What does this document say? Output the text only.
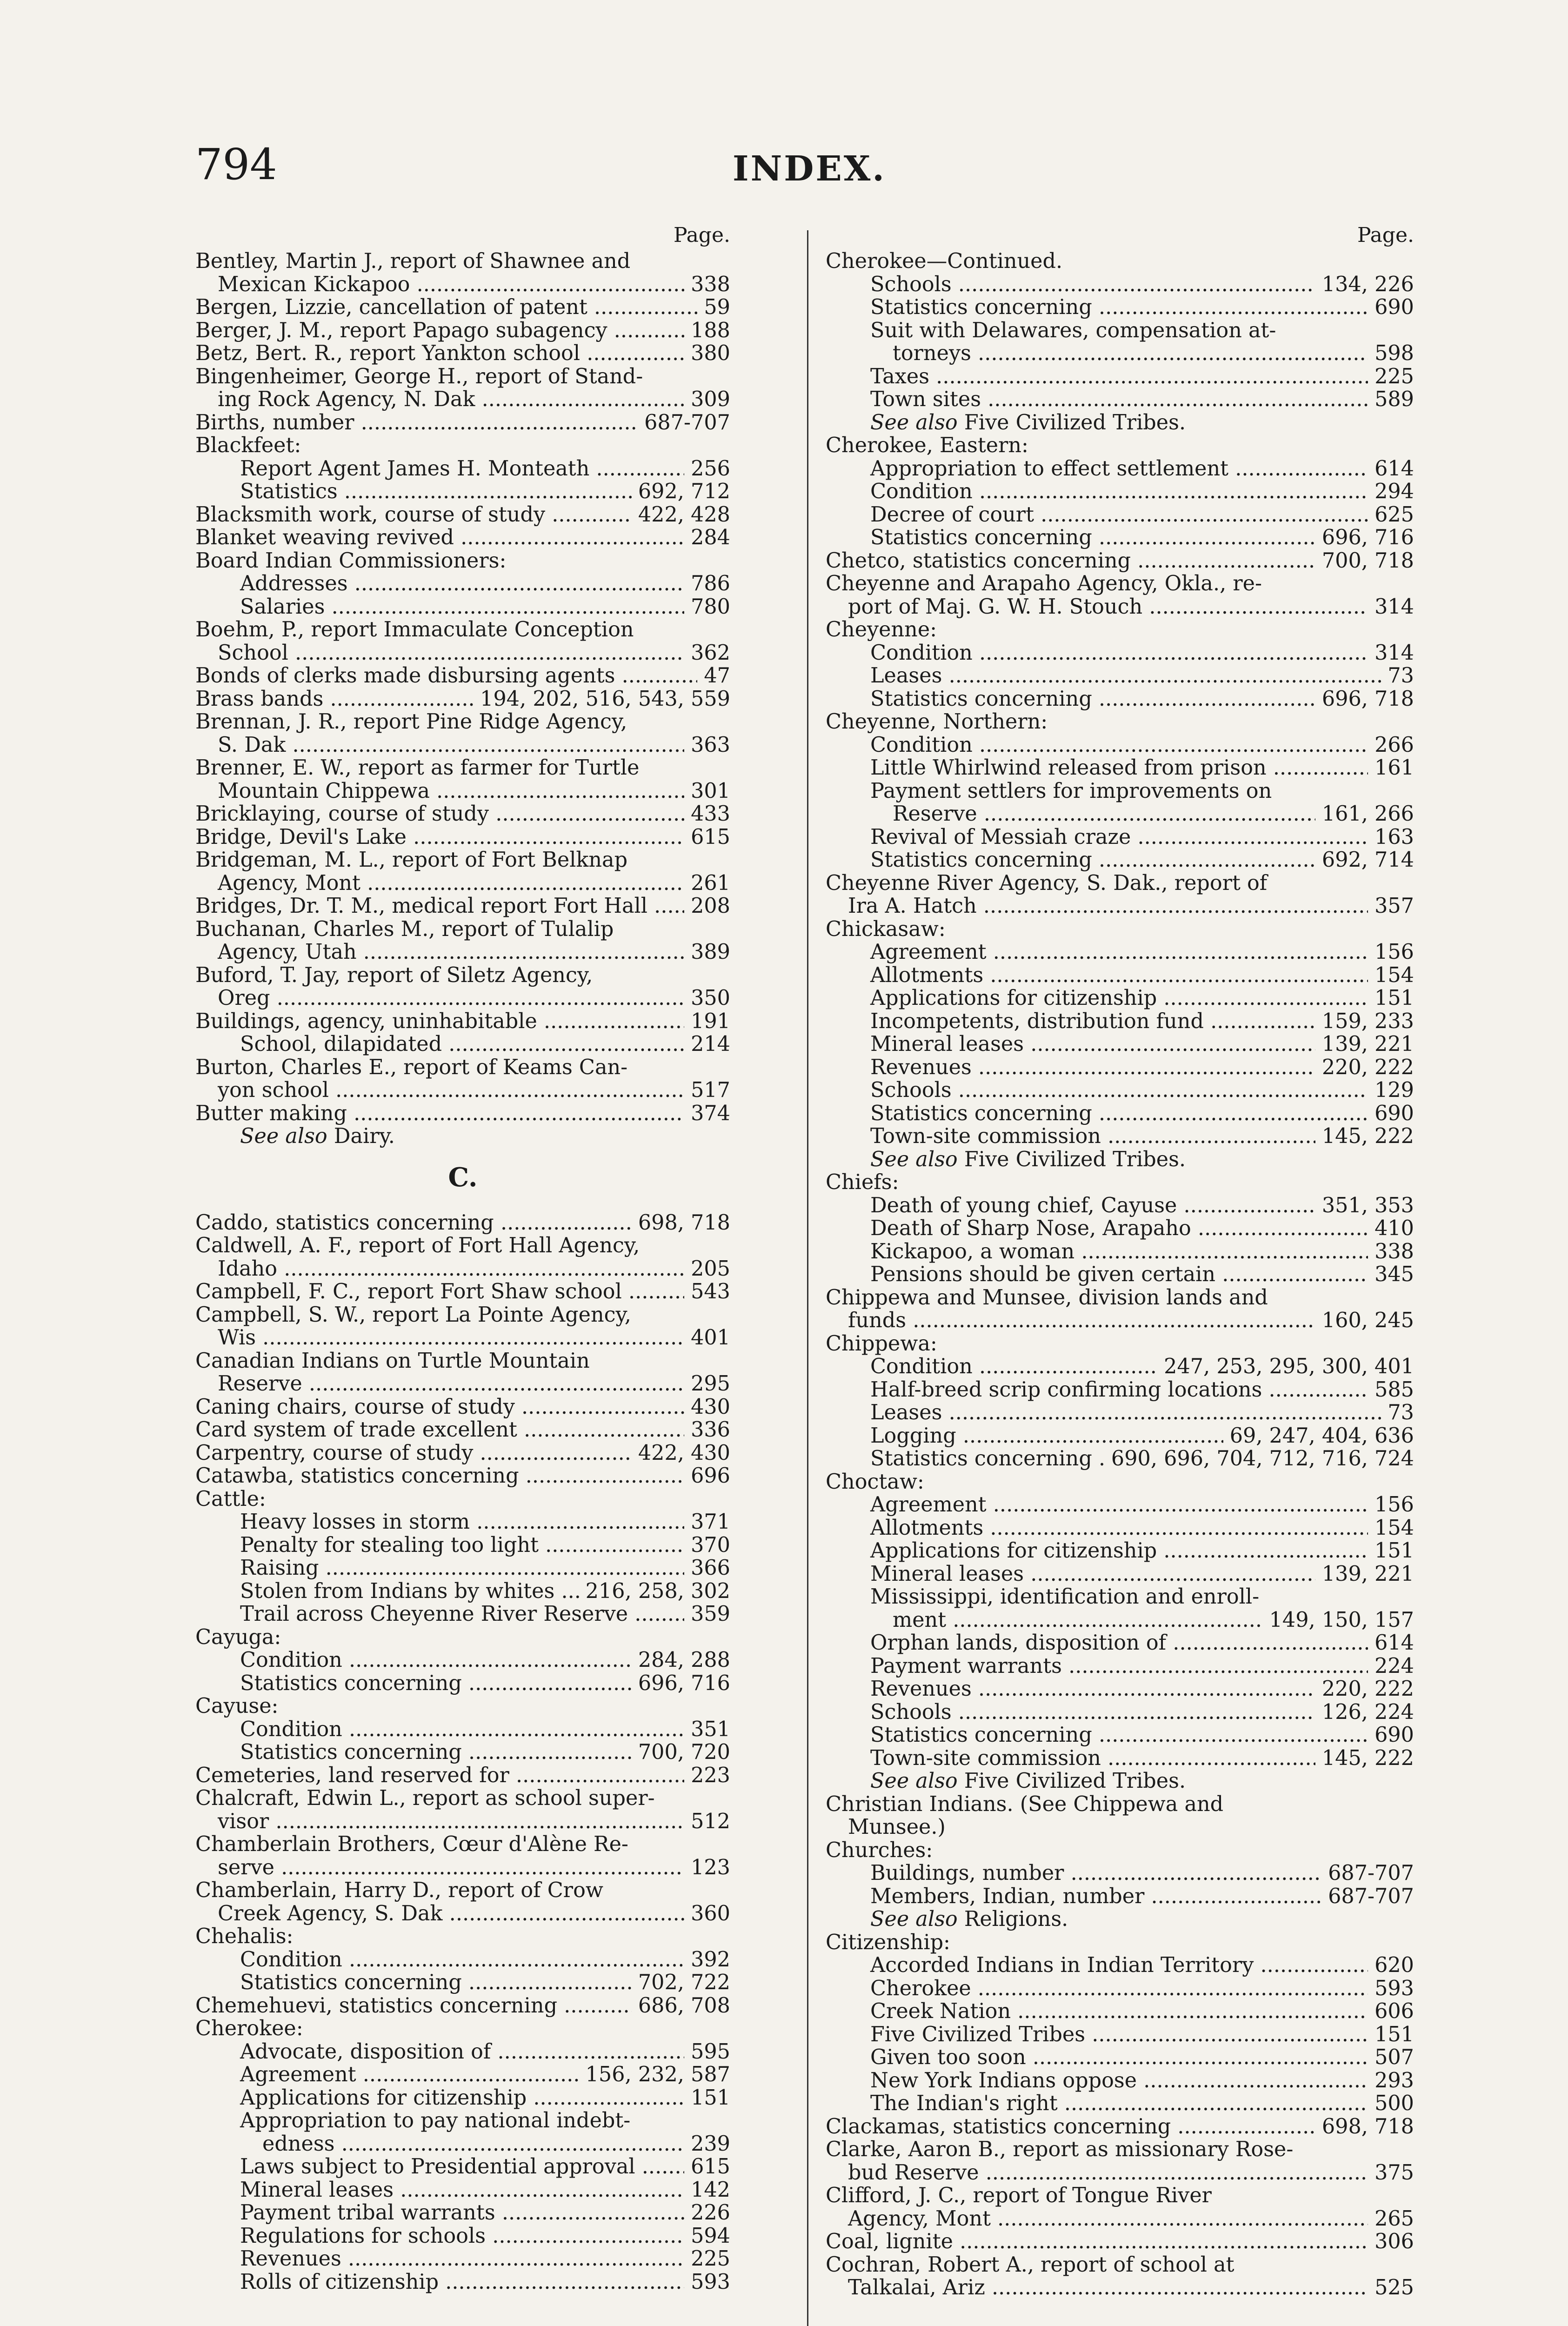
794	INDEX.
Page.
Bentley, Martin J., report of Shawnee and
Mexican Kickapoo .....	338
Bergen, Lizzie, cancellation of patent .....	59
Berger, J. M., report Papago subagency .....	188
Betz, Bert. R., report Yankton school .....	380
Bingenheimer, George H., report of Stand-
ing Rock Agency, N. Dak .....	309
Births, number .....	687-707
Blackfeet:
Report Agent James H. Monteath .....	256
Statistics .....	692, 712
Blacksmith work, course of study .....	422, 428
Blanket weaving revived .....	284
Board Indian Commissioners:
Addresses .....	786
Salaries .....	780
Boehm, P., report Immaculate Conception
School .....	362
Bonds of clerks made disbursing agents .....	47
Brass bands .....	194, 202, 516, 543, 559
Brennan, J. R., report Pine Ridge Agency,
S. Dak .....	363
Brenner, E. W., report as farmer for Turtle
Mountain Chippewa .....	301
Bricklaying, course of study .....	433
Bridge, Devil's Lake .....	615
Bridgeman, M. L., report of Fort Belknap
Agency, Mont .....	261
Bridges, Dr. T. M., medical report Fort Hall .....	208
Buchanan, Charles M., report of Tulalip
Agency, Utah .....	389
Buford, T. Jay, report of Siletz Agency,
Oreg .....	350
Buildings, agency, uninhabitable .....	191
School, dilapidated .....	214
Burton, Charles E., report of Keams Can-
yon school .....	517
Butter making .....	374
See also Dairy.
C.
Caddo, statistics concerning .....	698, 718
Caldwell, A. F., report of Fort Hall Agency,
Idaho .....	205
Campbell, F. C., report Fort Shaw school .....	543
Campbell, S. W., report La Pointe Agency,
Wis .....	401
Canadian Indians on Turtle Mountain
Reserve .....	295
Caning chairs, course of study .....	430
Card system of trade excellent .....	336
Carpentry, course of study .....	422, 430
Catawba, statistics concerning .....	696
Cattle:
Heavy losses in storm .....	371
Penalty for stealing too light .....	370
Raising .....	366
Stolen from Indians by whites .....	216, 258, 302
Trail across Cheyenne River Reserve .....	359
Cayuga:
Condition .....	284, 288
Statistics concerning .....	696, 716
Cayuse:
Condition .....	351
Statistics concerning .....	700, 720
Cemeteries, land reserved for .....	223
Chalcraft, Edwin L., report as school super-
visor .....	512
Chamberlain Brothers, Cœur d'Alène Re-
serve .....	123
Chamberlain, Harry D., report of Crow
Creek Agency, S. Dak .....	360
Chehalis:
Condition .....	392
Statistics concerning .....	702, 722
Chemehuevi, statistics concerning .....	686, 708
Cherokee:
Advocate, disposition of .....	595
Agreement .....	156, 232, 587
Applications for citizenship .....	151
Appropriation to pay national indebt-
edness .....	239
Laws subject to Presidential approval .....	615
Mineral leases .....	142
Payment tribal warrants .....	226
Regulations for schools .....	594
Revenues .....	225
Rolls of citizenship .....	593
Page.
Cherokee—Continued.
Schools .....	134, 226
Statistics concerning .....	690
Suit with Delawares, compensation at-
torneys .....	598
Taxes .....	225
Town sites .....	589
See also Five Civilized Tribes.
Cherokee, Eastern:
Appropriation to effect settlement .....	614
Condition .....	294
Decree of court .....	625
Statistics concerning .....	696, 716
Chetco, statistics concerning .....	700, 718
Cheyenne and Arapaho Agency, Okla., re-
port of Maj. G. W. H. Stouch .....	314
Cheyenne:
Condition .....	314
Leases .....	73
Statistics concerning .....	696, 718
Cheyenne, Northern:
Condition .....	266
Little Whirlwind released from prison .....	161
Payment settlers for improvements on
Reserve .....	161, 266
Revival of Messiah craze .....	163
Statistics concerning .....	692, 714
Cheyenne River Agency, S. Dak., report of
Ira A. Hatch .....	357
Chickasaw:
Agreement .....	156
Allotments .....	154
Applications for citizenship .....	151
Incompetents, distribution fund .....	159, 233
Mineral leases .....	139, 221
Revenues .....	220, 222
Schools .....	129
Statistics concerning .....	690
Town-site commission .....	145, 222
See also Five Civilized Tribes.
Chiefs:
Death of young chief, Cayuse .....	351, 353
Death of Sharp Nose, Arapaho .....	410
Kickapoo, a woman .....	338
Pensions should be given certain .....	345
Chippewa and Munsee, division lands and
funds .....	160, 245
Chippewa:
Condition .....	247, 253, 295, 300, 401
Half-breed scrip confirming locations .....	585
Leases .....	73
Logging .....	69, 247, 404, 636
Statistics concerning ..... 690, 696, 704, 712, 716, 724
Choctaw:
Agreement .....	156
Allotments .....	154
Applications for citizenship .....	151
Mineral leases .....	139, 221
Mississippi, identification and enroll-
ment .....	149, 150, 157
Orphan lands, disposition of .....	614
Payment warrants .....	224
Revenues .....	220, 222
Schools .....	126, 224
Statistics concerning .....	690
Town-site commission .....	145, 222
See also Five Civilized Tribes.
Christian Indians. (See Chippewa and
Munsee.)
Churches:
Buildings, number .....	687-707
Members, Indian, number .....	687-707
See also Religions.
Citizenship:
Accorded Indians in Indian Territory .....	620
Cherokee .....	593
Creek Nation .....	606
Five Civilized Tribes .....	151
Given too soon .....	507
New York Indians oppose .....	293
The Indian's right .....	500
Clackamas, statistics concerning .....	698, 718
Clarke, Aaron B., report as missionary Rose-
bud Reserve .....	375
Clifford, J. C., report of Tongue River
Agency, Mont .....	265
Coal, lignite .....	306
Cochran, Robert A., report of school at
Talkalai, Ariz .....	525
